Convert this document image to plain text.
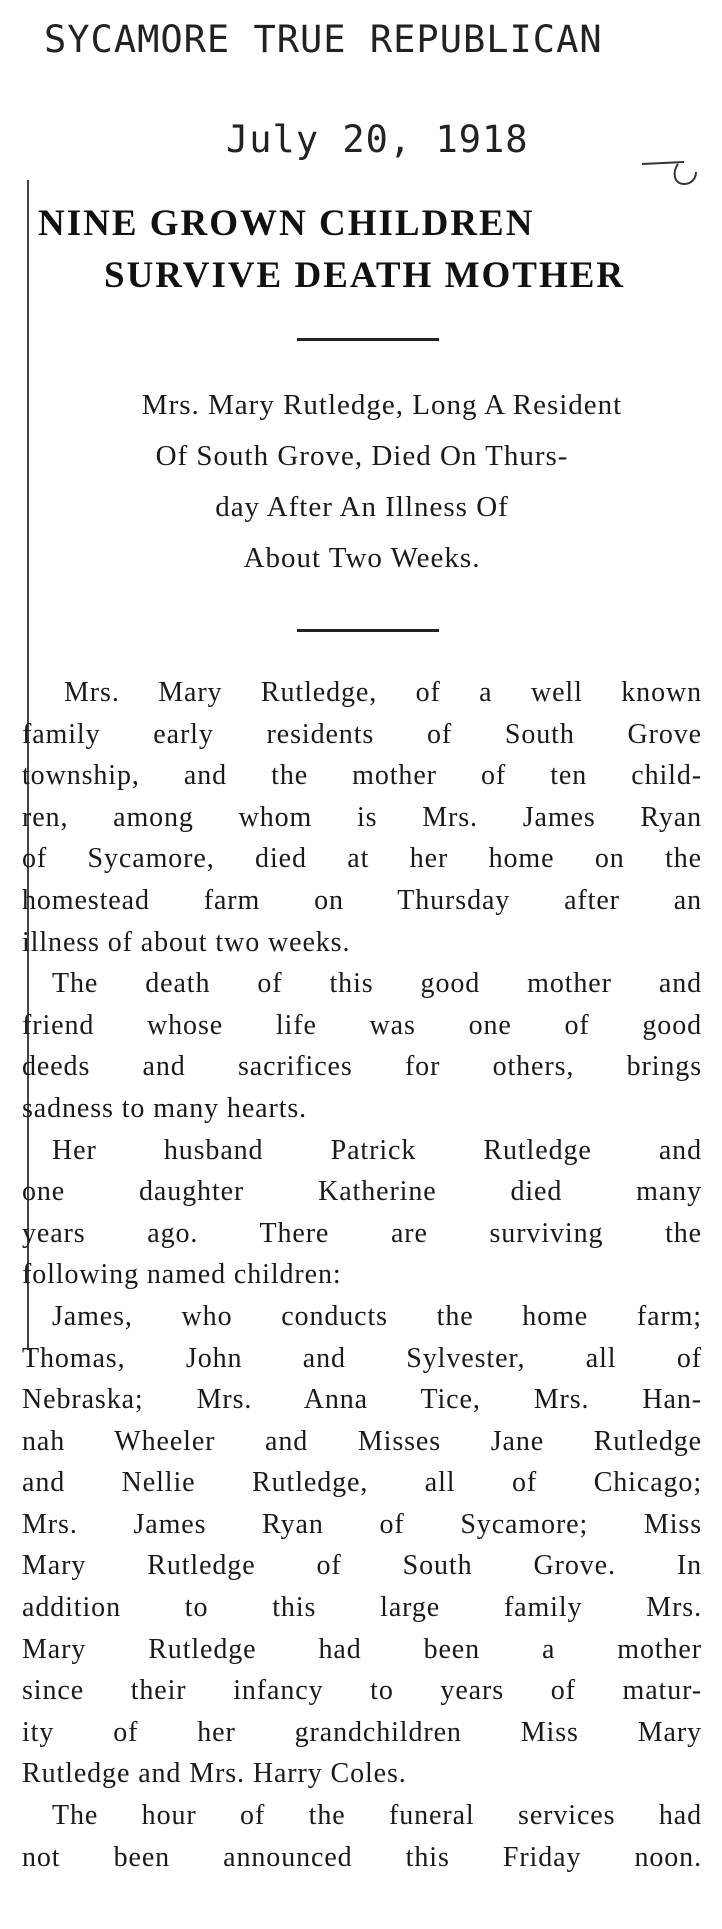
SYCAMORE TRUE REPUBLICAN
July 20, 1918
NINE GROWN CHILDREN
SURVIVE DEATH MOTHER
Mrs. Mary Rutledge, Long A Resident
Of South Grove, Died On Thurs-
day After An Illness Of
About Two Weeks.
Mrs. Mary Rutledge, of a well known
family early residents of South Grove
township, and the mother of ten child-
ren, among whom is Mrs. James Ryan
of Sycamore, died at her home on the
homestead farm on Thursday after an
illness of about two weeks.
The death of this good mother and
friend whose life was one of good
deeds and sacrifices for others, brings
sadness to many hearts.
Her husband Patrick Rutledge and
one daughter Katherine died many
years ago. There are surviving the
following named children:
James, who conducts the home farm;
Thomas, John and Sylvester, all of
Nebraska; Mrs. Anna Tice, Mrs. Han-
nah Wheeler and Misses Jane Rutledge
and Nellie Rutledge, all of Chicago;
Mrs. James Ryan of Sycamore; Miss
Mary Rutledge of South Grove. In
addition to this large family Mrs.
Mary Rutledge had been a mother
since their infancy to years of matur-
ity of her grandchildren Miss Mary
Rutledge and Mrs. Harry Coles.
The hour of the funeral services had
not been announced this Friday noon.
